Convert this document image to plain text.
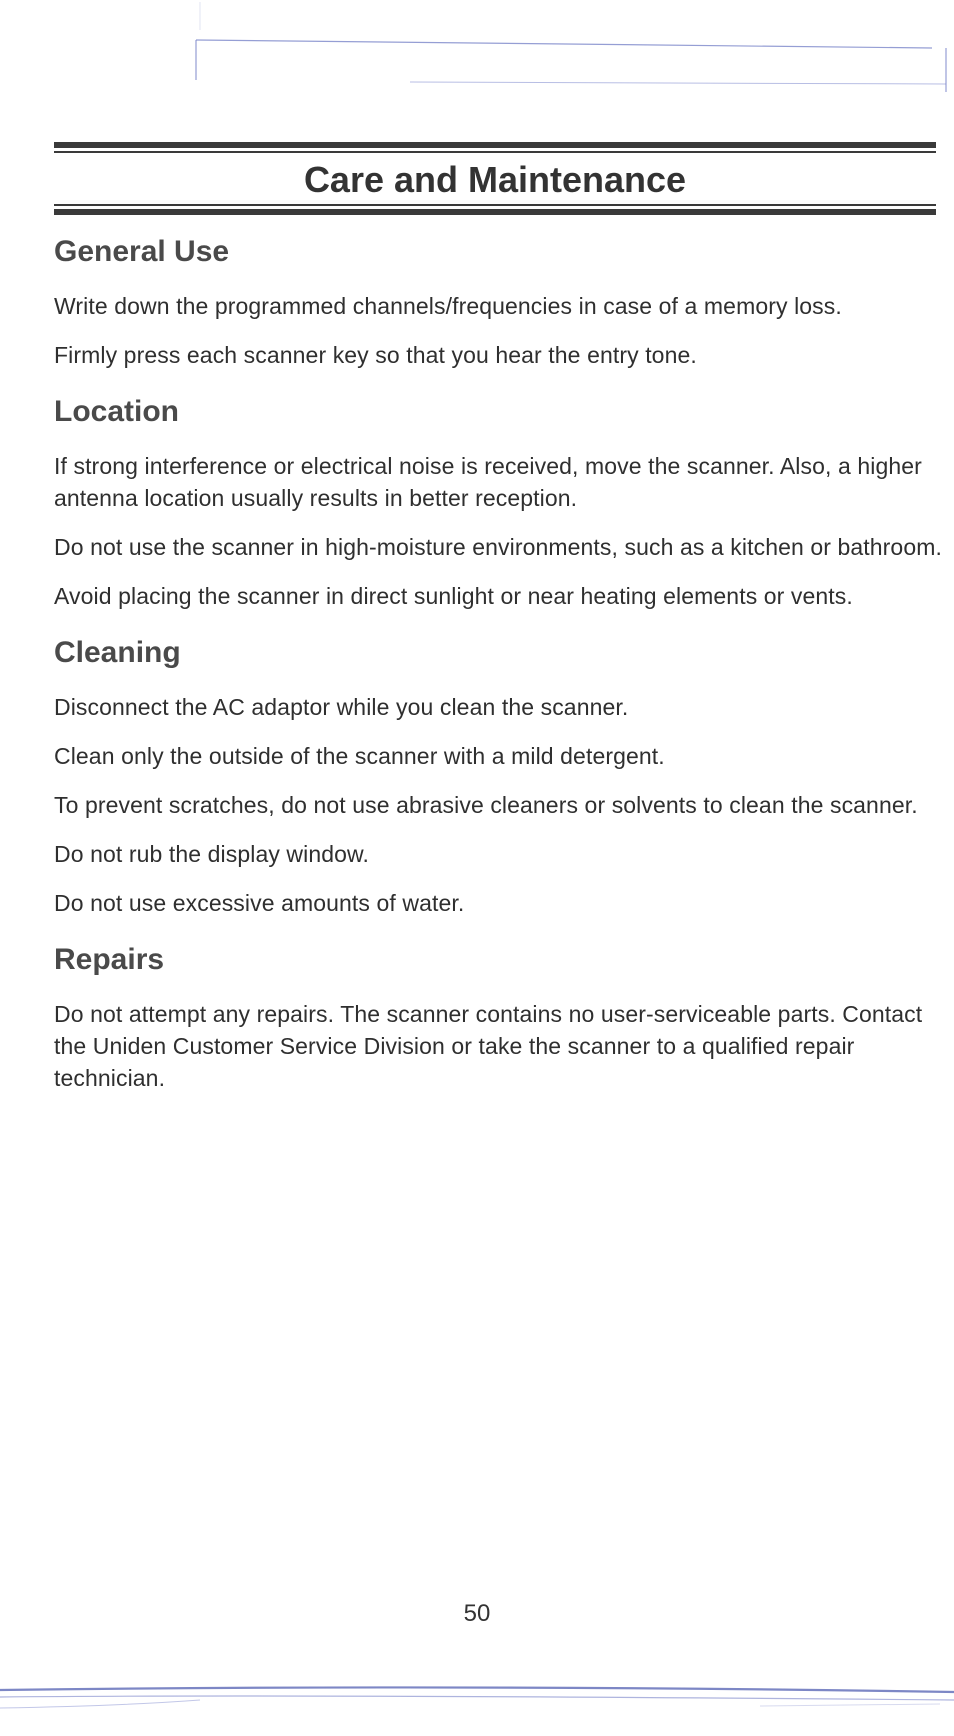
Care and Maintenance
General Use

Write down the programmed channels/frequencies in case of a memory loss.

Firmly press each scanner key so that you hear the entry tone.

Location

If strong interference or electrical noise is received, move the scanner. Also, a higher antenna location usually results in better reception.

Do not use the scanner in high-moisture environments, such as a kitchen or bathroom.

Avoid placing the scanner in direct sunlight or near heating elements or vents.

Cleaning

Disconnect the AC adaptor while you clean the scanner.

Clean only the outside of the scanner with a mild detergent.

To prevent scratches, do not use abrasive cleaners or solvents to clean the scanner.

Do not rub the display window.

Do not use excessive amounts of water.

Repairs

Do not attempt any repairs. The scanner contains no user-serviceable parts. Contact the Uniden Customer Service Division or take the scanner to a qualified repair technician.

50
